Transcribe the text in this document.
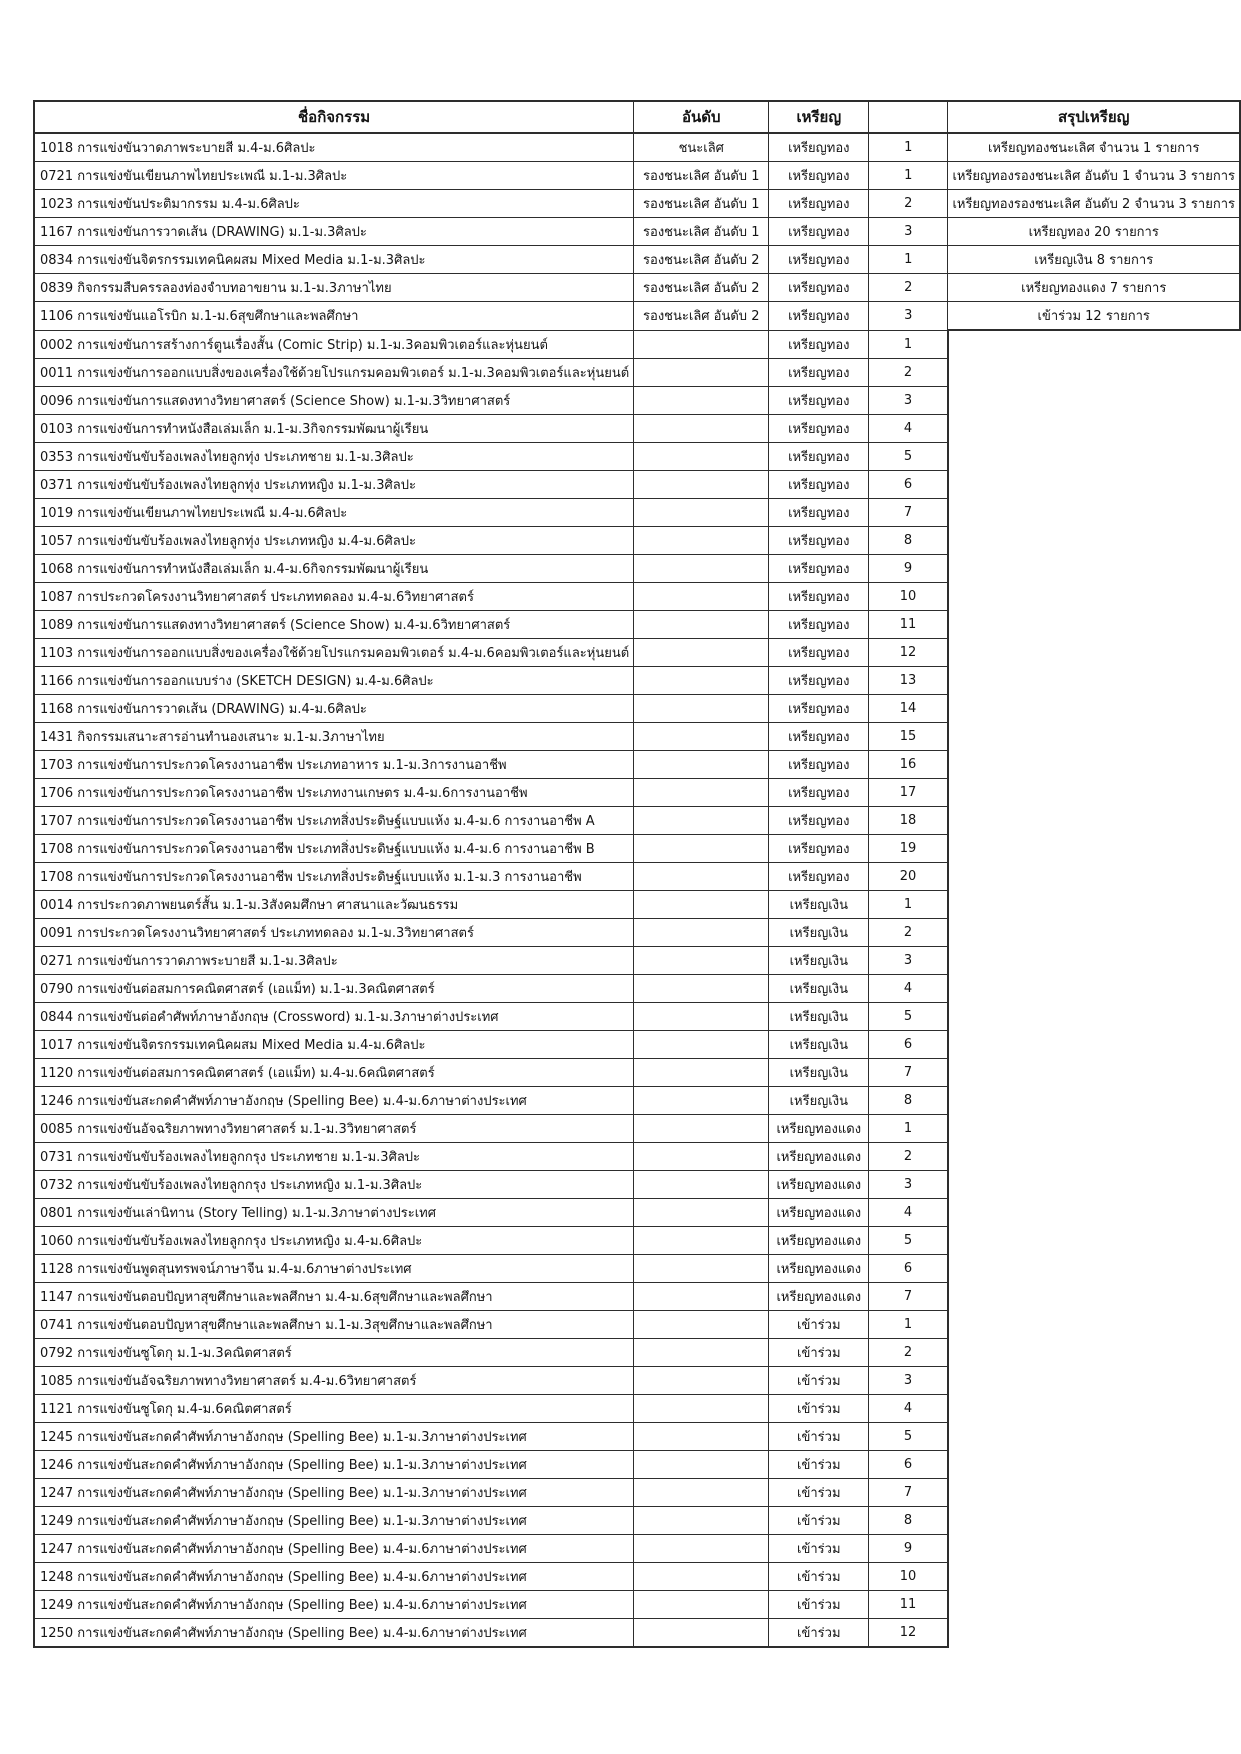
ชื่อกิจกรรม	อันดับ	เหรียญ		สรุปเหรียญ
1018 การแข่งขันวาดภาพระบายสี ม.4-ม.6ศิลปะ	ชนะเลิศ	เหรียญทอง	1	เหรียญทองชนะเลิศ จำนวน 1 รายการ
0721 การแข่งขันเขียนภาพไทยประเพณี ม.1-ม.3ศิลปะ	รองชนะเลิศ อันดับ 1	เหรียญทอง	1	เหรียญทองรองชนะเลิศ อันดับ 1 จำนวน 3 รายการ
1023 การแข่งขันประติมากรรม ม.4-ม.6ศิลปะ	รองชนะเลิศ อันดับ 1	เหรียญทอง	2	เหรียญทองรองชนะเลิศ อันดับ 2 จำนวน 3 รายการ
1167 การแข่งขันการวาดเส้น (DRAWING) ม.1-ม.3ศิลปะ	รองชนะเลิศ อันดับ 1	เหรียญทอง	3	เหรียญทอง 20 รายการ
0834 การแข่งขันจิตรกรรมเทคนิคผสม Mixed Media ม.1-ม.3ศิลปะ	รองชนะเลิศ อันดับ 2	เหรียญทอง	1	เหรียญเงิน 8 รายการ
0839 กิจกรรมสืบครรลองท่องจำบทอาขยาน ม.1-ม.3ภาษาไทย	รองชนะเลิศ อันดับ 2	เหรียญทอง	2	เหรียญทองแดง 7 รายการ
1106 การแข่งขันแอโรบิก ม.1-ม.6สุขศึกษาและพลศึกษา	รองชนะเลิศ อันดับ 2	เหรียญทอง	3	เข้าร่วม 12 รายการ
0002 การแข่งขันการสร้างการ์ตูนเรื่องสั้น (Comic Strip) ม.1-ม.3คอมพิวเตอร์และหุ่นยนต์		เหรียญทอง	1	
0011 การแข่งขันการออกแบบสิ่งของเครื่องใช้ด้วยโปรแกรมคอมพิวเตอร์ ม.1-ม.3คอมพิวเตอร์และหุ่นยนต์		เหรียญทอง	2	
0096 การแข่งขันการแสดงทางวิทยาศาสตร์ (Science Show) ม.1-ม.3วิทยาศาสตร์		เหรียญทอง	3	
0103 การแข่งขันการทำหนังสือเล่มเล็ก ม.1-ม.3กิจกรรมพัฒนาผู้เรียน		เหรียญทอง	4	
0353 การแข่งขันขับร้องเพลงไทยลูกทุ่ง ประเภทชาย ม.1-ม.3ศิลปะ		เหรียญทอง	5	
0371 การแข่งขันขับร้องเพลงไทยลูกทุ่ง ประเภทหญิง ม.1-ม.3ศิลปะ		เหรียญทอง	6	
1019 การแข่งขันเขียนภาพไทยประเพณี ม.4-ม.6ศิลปะ		เหรียญทอง	7	
1057 การแข่งขันขับร้องเพลงไทยลูกทุ่ง ประเภทหญิง ม.4-ม.6ศิลปะ		เหรียญทอง	8	
1068 การแข่งขันการทำหนังสือเล่มเล็ก ม.4-ม.6กิจกรรมพัฒนาผู้เรียน		เหรียญทอง	9	
1087 การประกวดโครงงานวิทยาศาสตร์ ประเภททดลอง ม.4-ม.6วิทยาศาสตร์		เหรียญทอง	10	
1089 การแข่งขันการแสดงทางวิทยาศาสตร์ (Science Show) ม.4-ม.6วิทยาศาสตร์		เหรียญทอง	11	
1103 การแข่งขันการออกแบบสิ่งของเครื่องใช้ด้วยโปรแกรมคอมพิวเตอร์ ม.4-ม.6คอมพิวเตอร์และหุ่นยนต์		เหรียญทอง	12	
1166 การแข่งขันการออกแบบร่าง (SKETCH DESIGN) ม.4-ม.6ศิลปะ		เหรียญทอง	13	
1168 การแข่งขันการวาดเส้น (DRAWING) ม.4-ม.6ศิลปะ		เหรียญทอง	14	
1431 กิจกรรมเสนาะสารอ่านทำนองเสนาะ ม.1-ม.3ภาษาไทย		เหรียญทอง	15	
1703 การแข่งขันการประกวดโครงงานอาชีพ ประเภทอาหาร ม.1-ม.3การงานอาชีพ		เหรียญทอง	16	
1706 การแข่งขันการประกวดโครงงานอาชีพ ประเภทงานเกษตร ม.4-ม.6การงานอาชีพ		เหรียญทอง	17	
1707 การแข่งขันการประกวดโครงงานอาชีพ ประเภทสิ่งประดิษฐ์แบบแห้ง ม.4-ม.6 การงานอาชีพ A		เหรียญทอง	18	
1708 การแข่งขันการประกวดโครงงานอาชีพ ประเภทสิ่งประดิษฐ์แบบแห้ง ม.4-ม.6 การงานอาชีพ B		เหรียญทอง	19	
1708 การแข่งขันการประกวดโครงงานอาชีพ ประเภทสิ่งประดิษฐ์แบบแห้ง ม.1-ม.3 การงานอาชีพ		เหรียญทอง	20	
0014 การประกวดภาพยนตร์สั้น ม.1-ม.3สังคมศึกษา ศาสนาและวัฒนธรรม		เหรียญเงิน	1	
0091 การประกวดโครงงานวิทยาศาสตร์ ประเภททดลอง ม.1-ม.3วิทยาศาสตร์		เหรียญเงิน	2	
0271 การแข่งขันการวาดภาพระบายสี ม.1-ม.3ศิลปะ		เหรียญเงิน	3	
0790 การแข่งขันต่อสมการคณิตศาสตร์ (เอแม็ท) ม.1-ม.3คณิตศาสตร์		เหรียญเงิน	4	
0844 การแข่งขันต่อคำศัพท์ภาษาอังกฤษ (Crossword) ม.1-ม.3ภาษาต่างประเทศ		เหรียญเงิน	5	
1017 การแข่งขันจิตรกรรมเทคนิคผสม Mixed Media ม.4-ม.6ศิลปะ		เหรียญเงิน	6	
1120 การแข่งขันต่อสมการคณิตศาสตร์ (เอแม็ท) ม.4-ม.6คณิตศาสตร์		เหรียญเงิน	7	
1246 การแข่งขันสะกดคำศัพท์ภาษาอังกฤษ (Spelling Bee) ม.4-ม.6ภาษาต่างประเทศ		เหรียญเงิน	8	
0085 การแข่งขันอัจฉริยภาพทางวิทยาศาสตร์ ม.1-ม.3วิทยาศาสตร์		เหรียญทองแดง	1	
0731 การแข่งขันขับร้องเพลงไทยลูกกรุง ประเภทชาย ม.1-ม.3ศิลปะ		เหรียญทองแดง	2	
0732 การแข่งขันขับร้องเพลงไทยลูกกรุง ประเภทหญิง ม.1-ม.3ศิลปะ		เหรียญทองแดง	3	
0801 การแข่งขันเล่านิทาน (Story Telling) ม.1-ม.3ภาษาต่างประเทศ		เหรียญทองแดง	4	
1060 การแข่งขันขับร้องเพลงไทยลูกกรุง ประเภทหญิง ม.4-ม.6ศิลปะ		เหรียญทองแดง	5	
1128 การแข่งขันพูดสุนทรพจน์ภาษาจีน ม.4-ม.6ภาษาต่างประเทศ		เหรียญทองแดง	6	
1147 การแข่งขันตอบปัญหาสุขศึกษาและพลศึกษา ม.4-ม.6สุขศึกษาและพลศึกษา		เหรียญทองแดง	7	
0741 การแข่งขันตอบปัญหาสุขศึกษาและพลศึกษา ม.1-ม.3สุขศึกษาและพลศึกษา		เข้าร่วม	1	
0792 การแข่งขันซูโดกุ ม.1-ม.3คณิตศาสตร์		เข้าร่วม	2	
1085 การแข่งขันอัจฉริยภาพทางวิทยาศาสตร์ ม.4-ม.6วิทยาศาสตร์		เข้าร่วม	3	
1121 การแข่งขันซูโดกุ ม.4-ม.6คณิตศาสตร์		เข้าร่วม	4	
1245 การแข่งขันสะกดคำศัพท์ภาษาอังกฤษ (Spelling Bee) ม.1-ม.3ภาษาต่างประเทศ		เข้าร่วม	5	
1246 การแข่งขันสะกดคำศัพท์ภาษาอังกฤษ (Spelling Bee) ม.1-ม.3ภาษาต่างประเทศ		เข้าร่วม	6	
1247 การแข่งขันสะกดคำศัพท์ภาษาอังกฤษ (Spelling Bee) ม.1-ม.3ภาษาต่างประเทศ		เข้าร่วม	7	
1249 การแข่งขันสะกดคำศัพท์ภาษาอังกฤษ (Spelling Bee) ม.1-ม.3ภาษาต่างประเทศ		เข้าร่วม	8	
1247 การแข่งขันสะกดคำศัพท์ภาษาอังกฤษ (Spelling Bee) ม.4-ม.6ภาษาต่างประเทศ		เข้าร่วม	9	
1248 การแข่งขันสะกดคำศัพท์ภาษาอังกฤษ (Spelling Bee) ม.4-ม.6ภาษาต่างประเทศ		เข้าร่วม	10	
1249 การแข่งขันสะกดคำศัพท์ภาษาอังกฤษ (Spelling Bee) ม.4-ม.6ภาษาต่างประเทศ		เข้าร่วม	11	
1250 การแข่งขันสะกดคำศัพท์ภาษาอังกฤษ (Spelling Bee) ม.4-ม.6ภาษาต่างประเทศ		เข้าร่วม	12	
